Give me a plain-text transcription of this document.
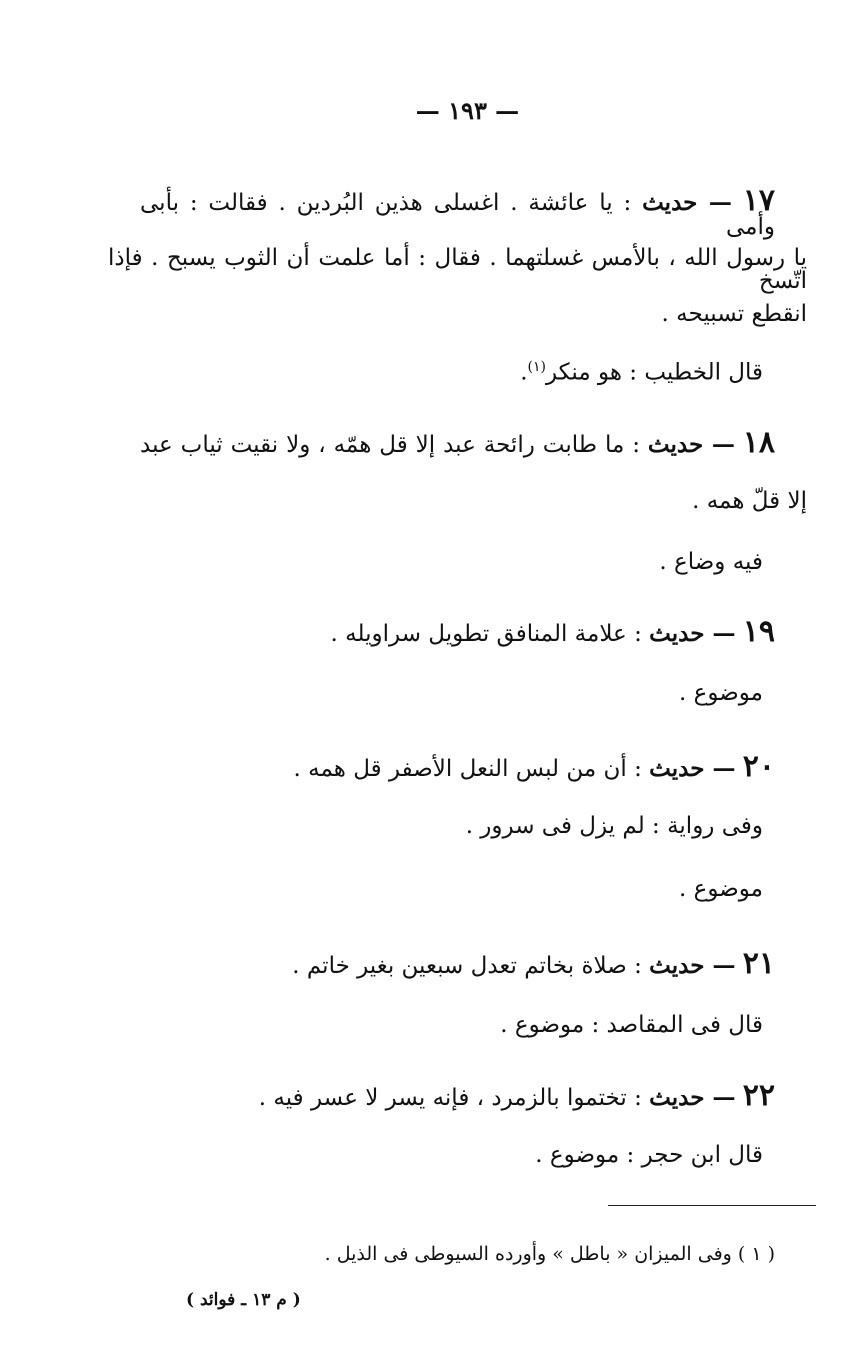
— ١٩٣ —
١٧ — حديث : يا عائشة . اغسلى هذين البُردين . فقالت : بأبى وأمى
يا رسول الله ، بالأمس غسلتهما . فقال : أما علمت أن الثوب يسبح . فإذا اتّسخ
انقطع تسبيحه .
قال الخطيب : هو منكر$^{(١)}$.
١٨ — حديث : ما طابت رائحة عبد إلا قل همّه ، ولا نقيت ثياب عبد
إلا قلّ همه .
فيه وضاع .
١٩ — حديث : علامة المنافق تطويل سراويله .
موضوع .
٢٠ — حديث : أن من لبس النعل الأصفر قل همه .
وفى رواية : لم يزل فى سرور .
موضوع .
٢١ — حديث : صلاة بخاتم تعدل سبعين بغير خاتم .
قال فى المقاصد : موضوع .
٢٢ — حديث : تختموا بالزمرد ، فإنه يسر لا عسر فيه .
قال ابن حجر : موضوع .
( ١ ) وفى الميزان « باطل » وأورده السيوطى فى الذيل .
( م ١٣ ـ فوائد )
